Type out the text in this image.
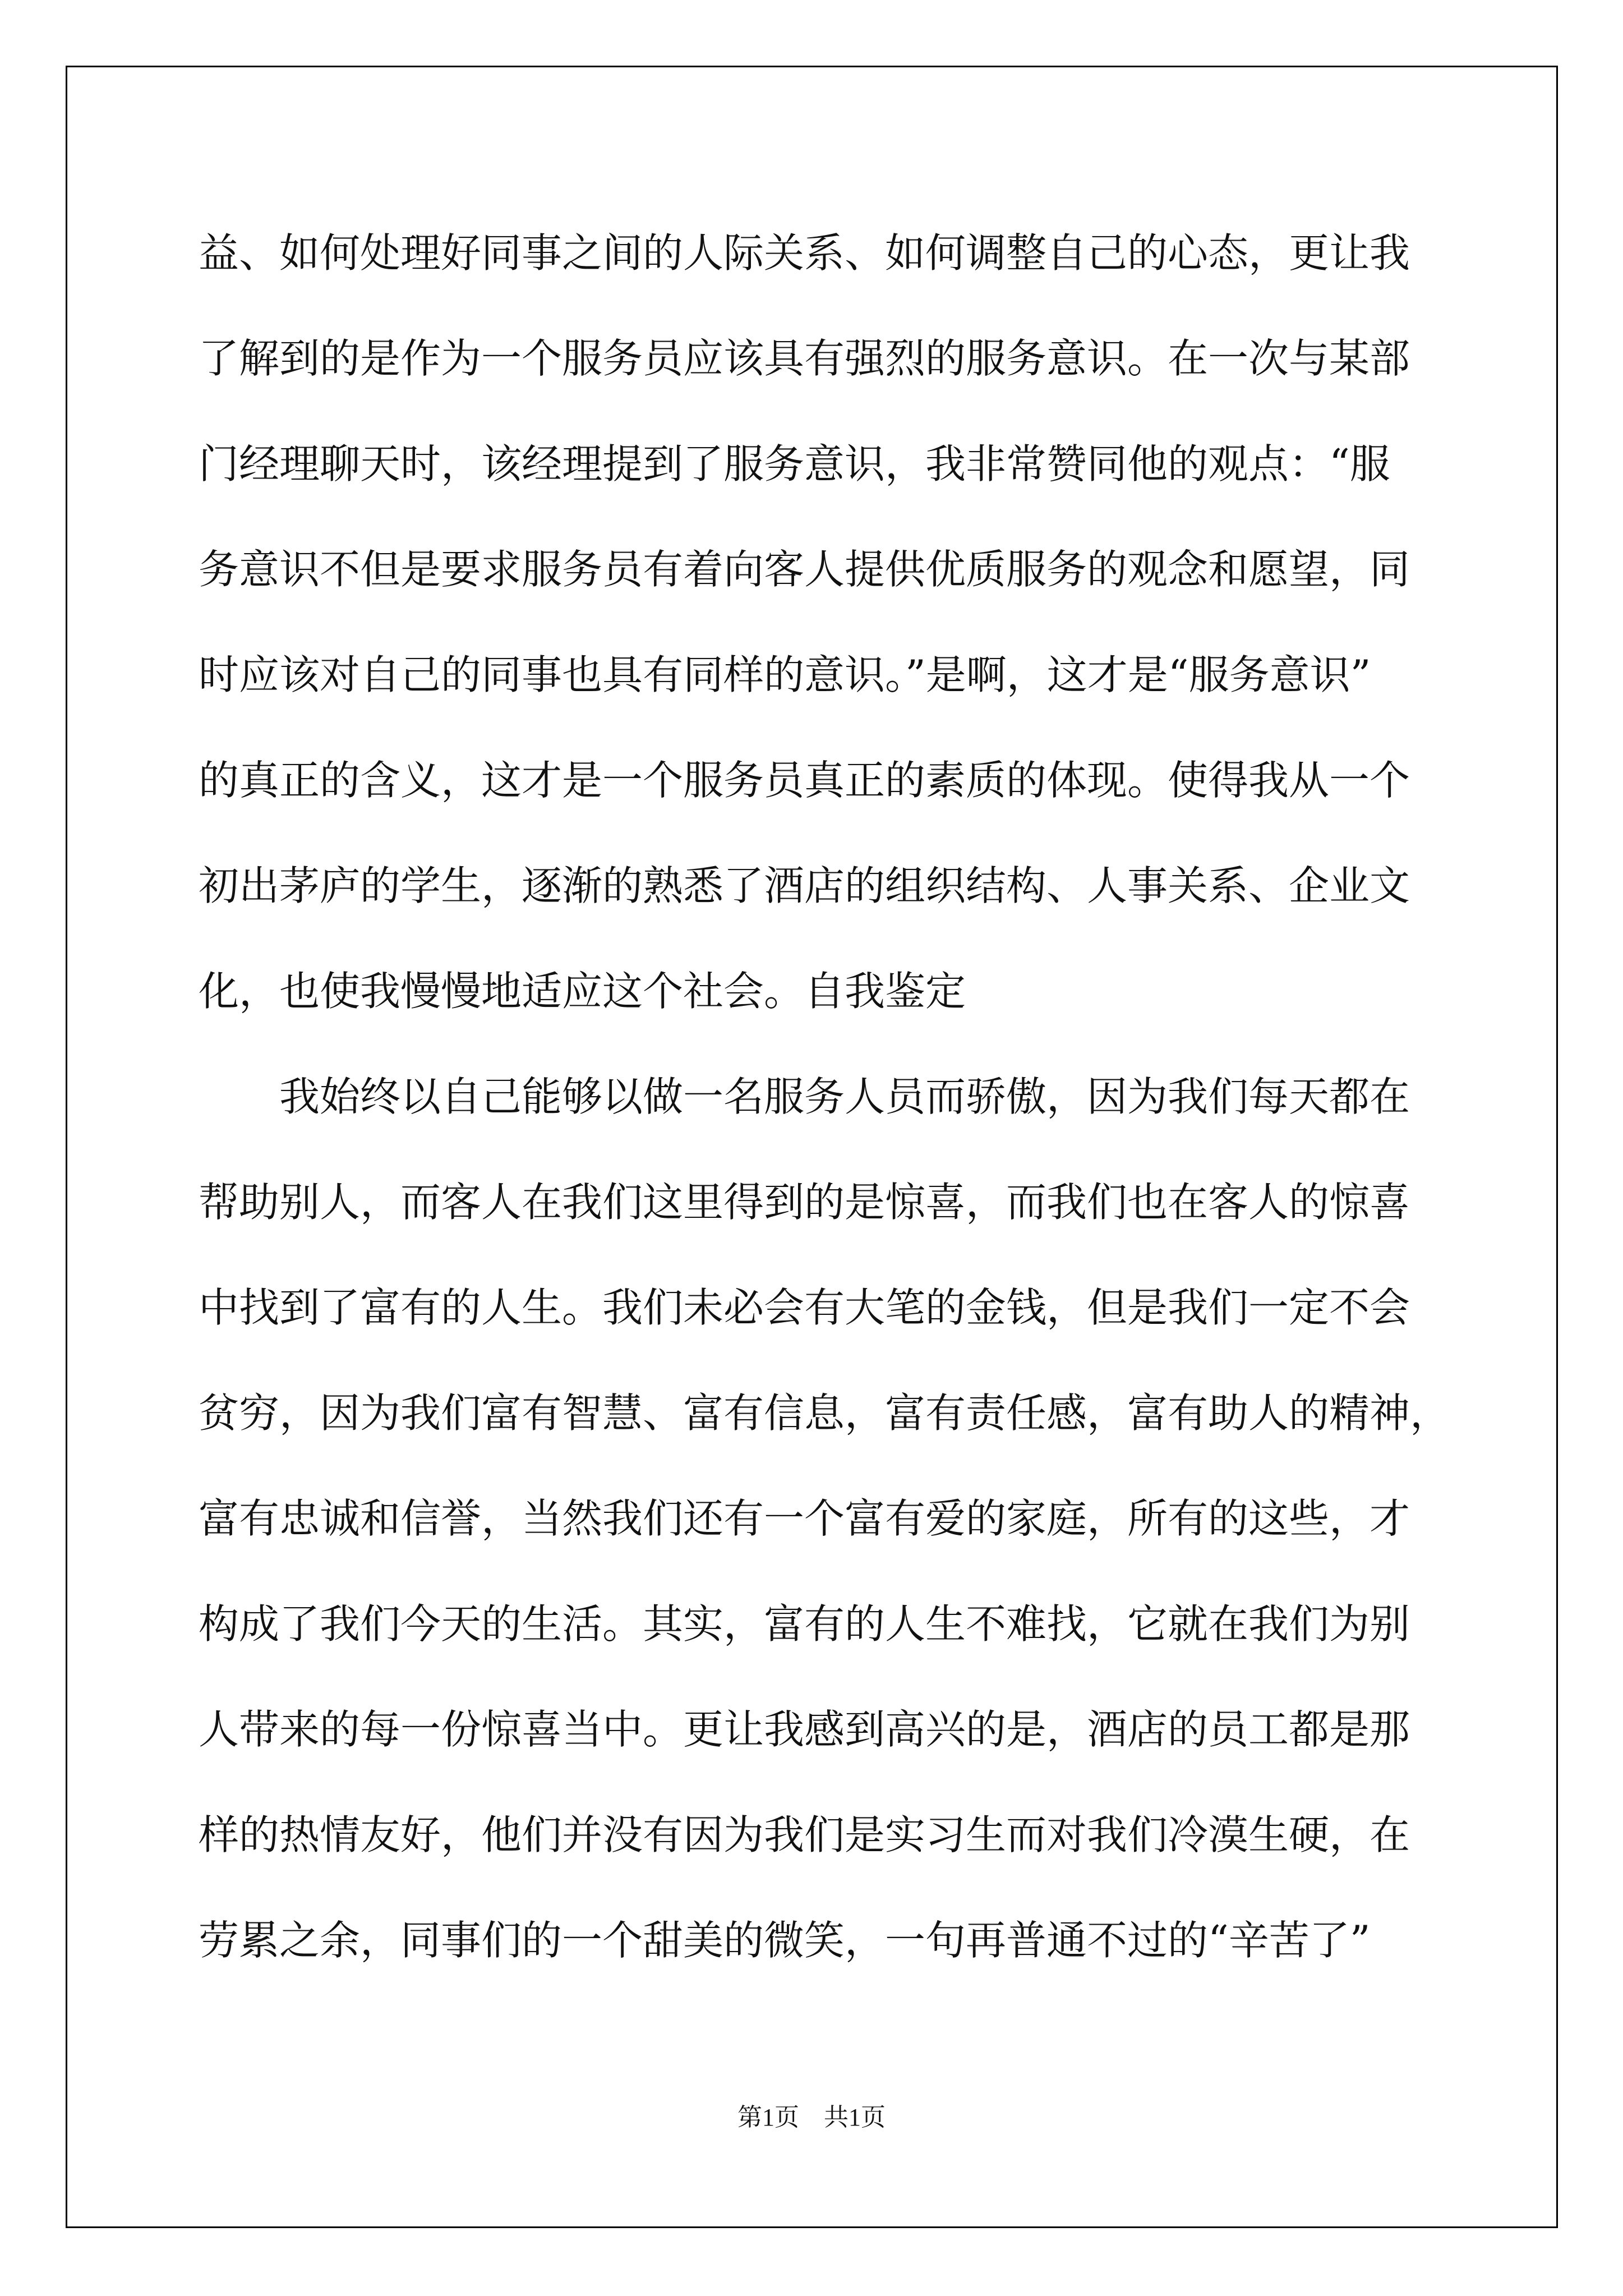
益、如何处理好同事之间的人际关系、如何调整自己的心态，更让我
了解到的是作为一个服务员应该具有强烈的服务意识。在一次与某部
门经理聊天时，该经理提到了服务意识，我非常赞同他的观点：“服
务意识不但是要求服务员有着向客人提供优质服务的观念和愿望，同
时应该对自己的同事也具有同样的意识。”是啊，这才是“服务意识”
的真正的含义，这才是一个服务员真正的素质的体现。使得我从一个
初出茅庐的学生，逐渐的熟悉了酒店的组织结构、人事关系、企业文
化，也使我慢慢地适应这个社会。自我鉴定
我始终以自己能够以做一名服务人员而骄傲，因为我们每天都在
帮助别人，而客人在我们这里得到的是惊喜，而我们也在客人的惊喜
中找到了富有的人生。我们未必会有大笔的金钱，但是我们一定不会
贫穷，因为我们富有智慧、富有信息，富有责任感，富有助人的精神，
富有忠诚和信誉，当然我们还有一个富有爱的家庭，所有的这些，才
构成了我们今天的生活。其实，富有的人生不难找，它就在我们为别
人带来的每一份惊喜当中。更让我感到高兴的是，酒店的员工都是那
样的热情友好，他们并没有因为我们是实习生而对我们冷漠生硬，在
劳累之余，同事们的一个甜美的微笑，一句再普通不过的“辛苦了”
第1页　共1页
